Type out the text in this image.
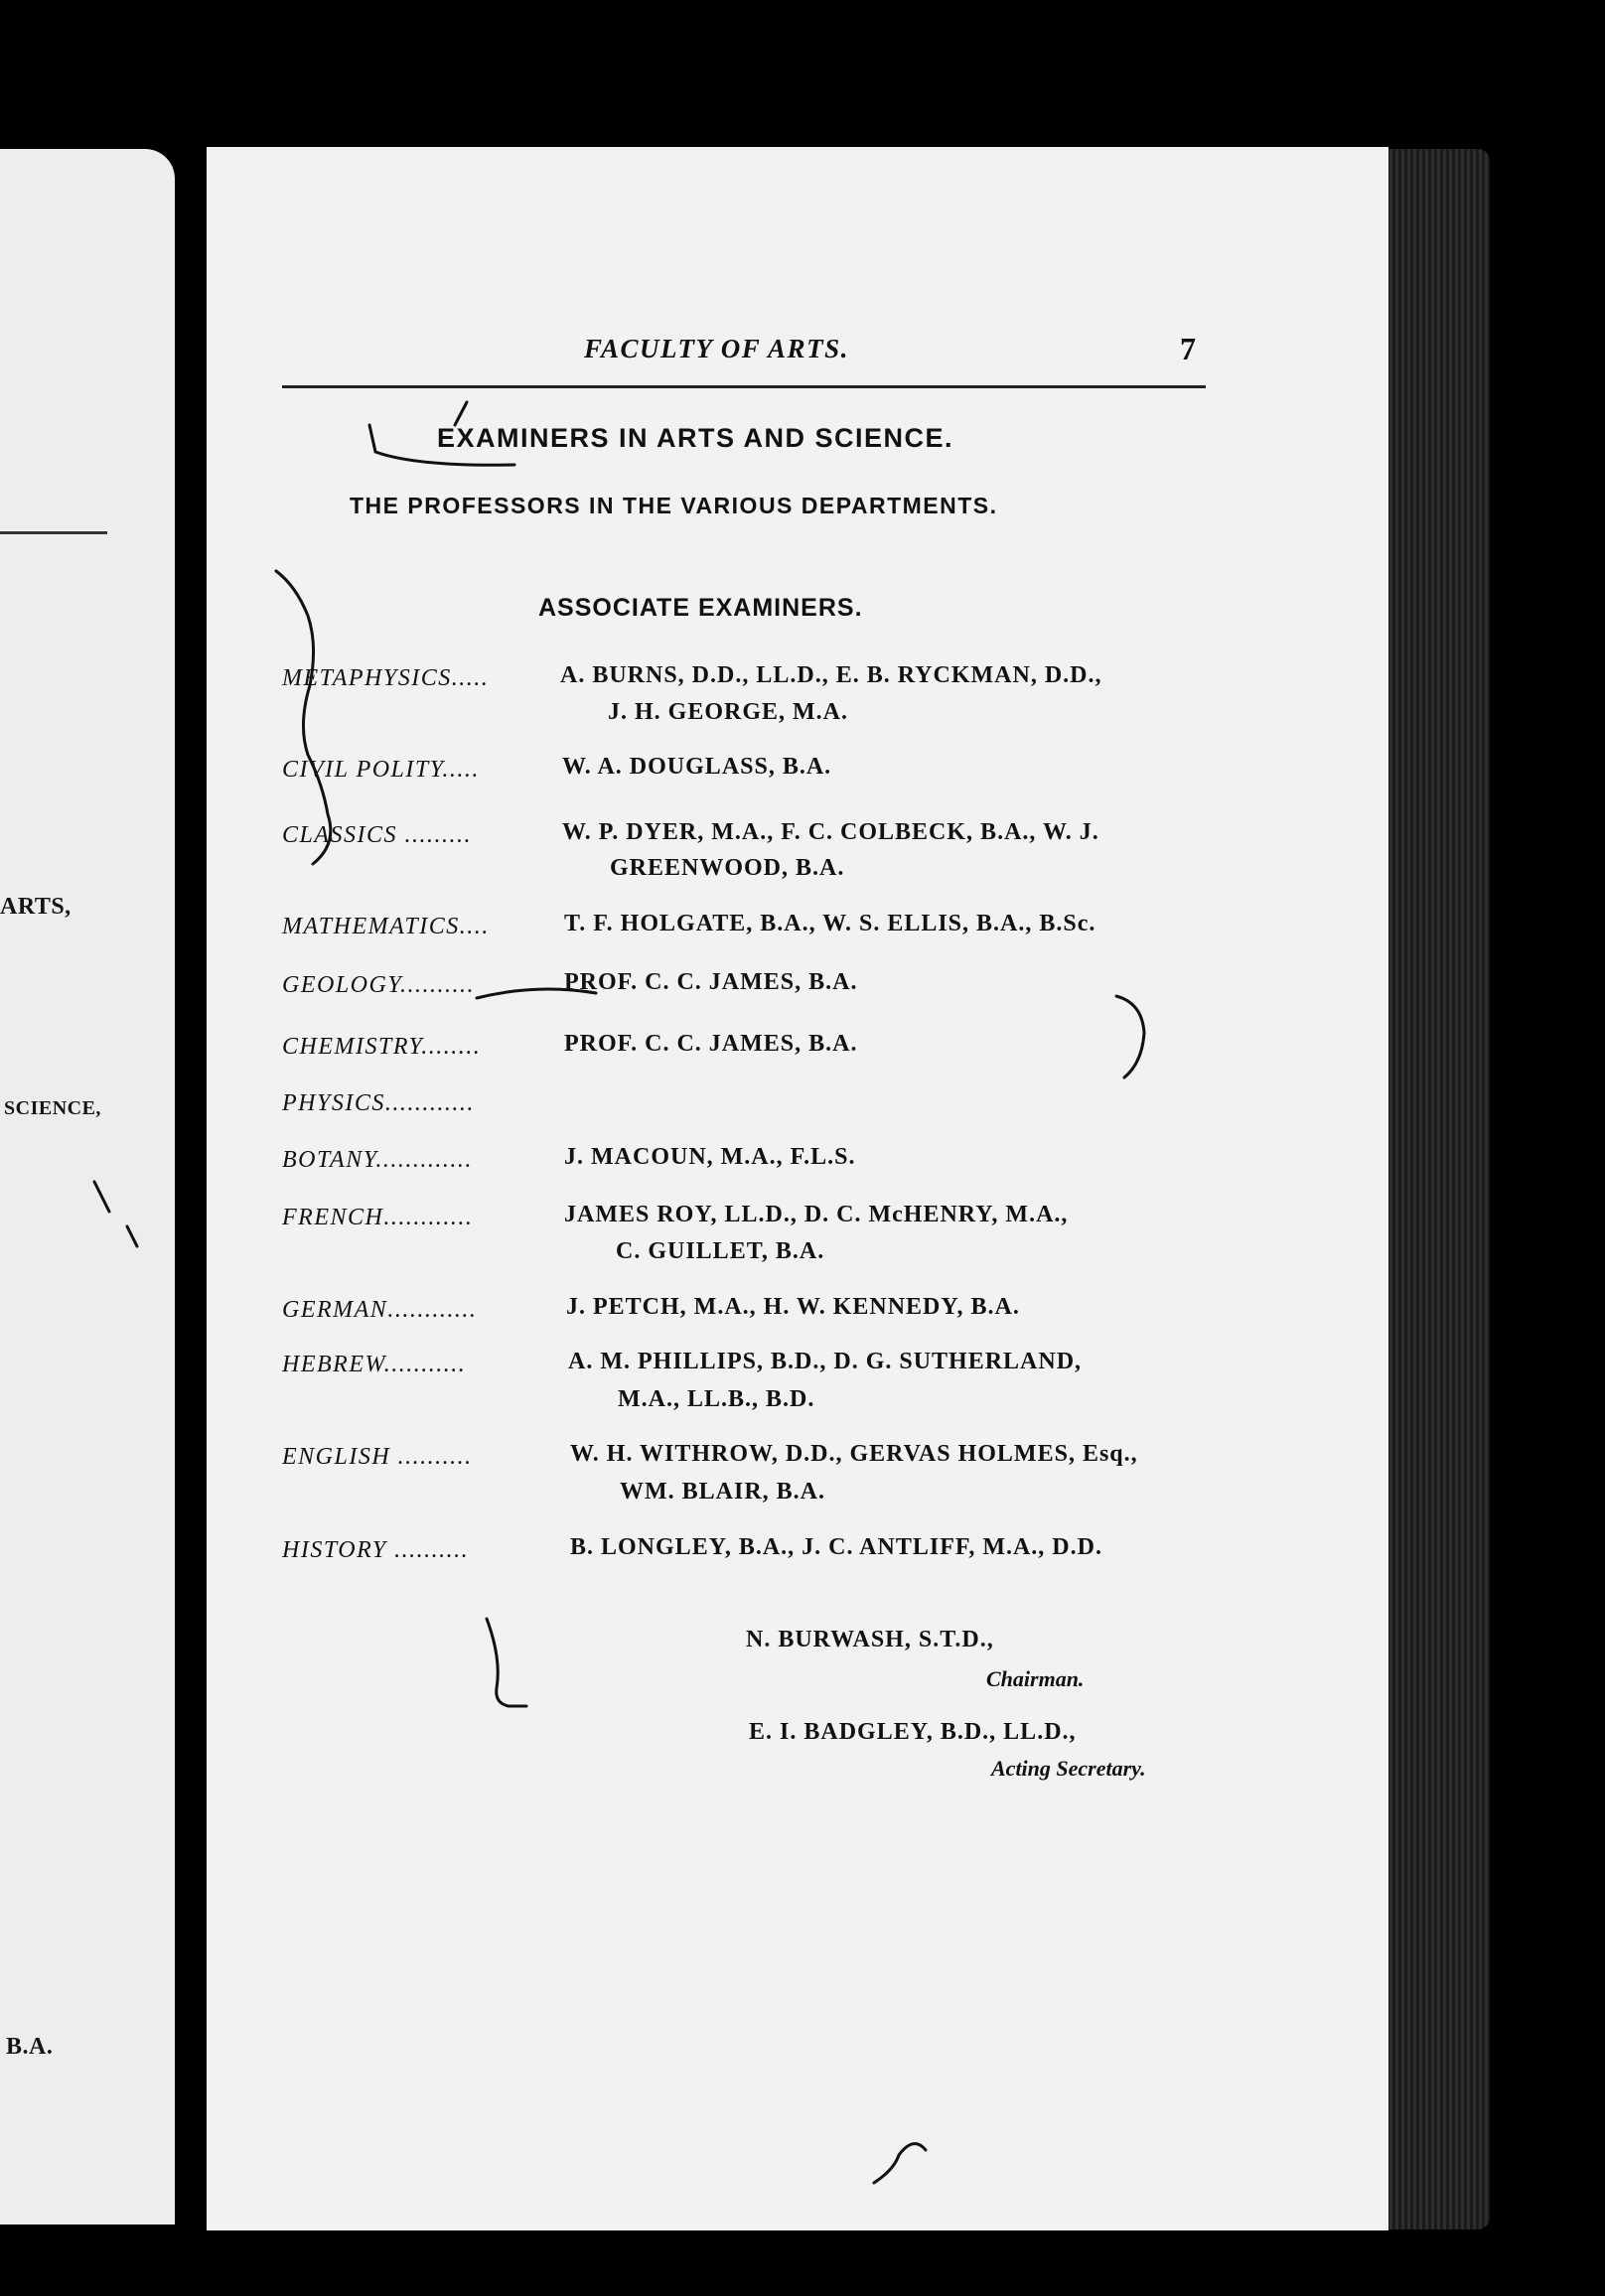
ARTS,
SCIENCE,
B.A.
FACULTY OF ARTS.	7
EXAMINERS IN ARTS AND SCIENCE.
THE PROFESSORS IN THE VARIOUS DEPARTMENTS.
ASSOCIATE EXAMINERS.
METAPHYSICS.....	A. BURNS, D.D., LL.D., E. B. RYCKMAN, D.D.,
J. H. GEORGE, M.A.
CIVIL POLITY.....	W. A. DOUGLASS, B.A.
CLASSICS .........	W. P. DYER, M.A., F. C. COLBECK, B.A., W. J.
GREENWOOD, B.A.
MATHEMATICS....	T. F. HOLGATE, B.A., W. S. ELLIS, B.A., B.Sc.
GEOLOGY..........	PROF. C. C. JAMES, B.A.
CHEMISTRY........	PROF. C. C. JAMES, B.A.
PHYSICS............
BOTANY.............	J. MACOUN, M.A., F.L.S.
FRENCH............	JAMES ROY, LL.D., D. C. McHENRY, M.A.,
C. GUILLET, B.A.
GERMAN............	J. PETCH, M.A., H. W. KENNEDY, B.A.
HEBREW...........	A. M. PHILLIPS, B.D., D. G. SUTHERLAND,
M.A., LL.B., B.D.
ENGLISH ..........	W. H. WITHROW, D.D., GERVAS HOLMES, Esq.,
WM. BLAIR, B.A.
HISTORY ..........	B. LONGLEY, B.A., J. C. ANTLIFF, M.A., D.D.
N. BURWASH, S.T.D.,
Chairman.
E. I. BADGLEY, B.D., LL.D.,
Acting Secretary.
